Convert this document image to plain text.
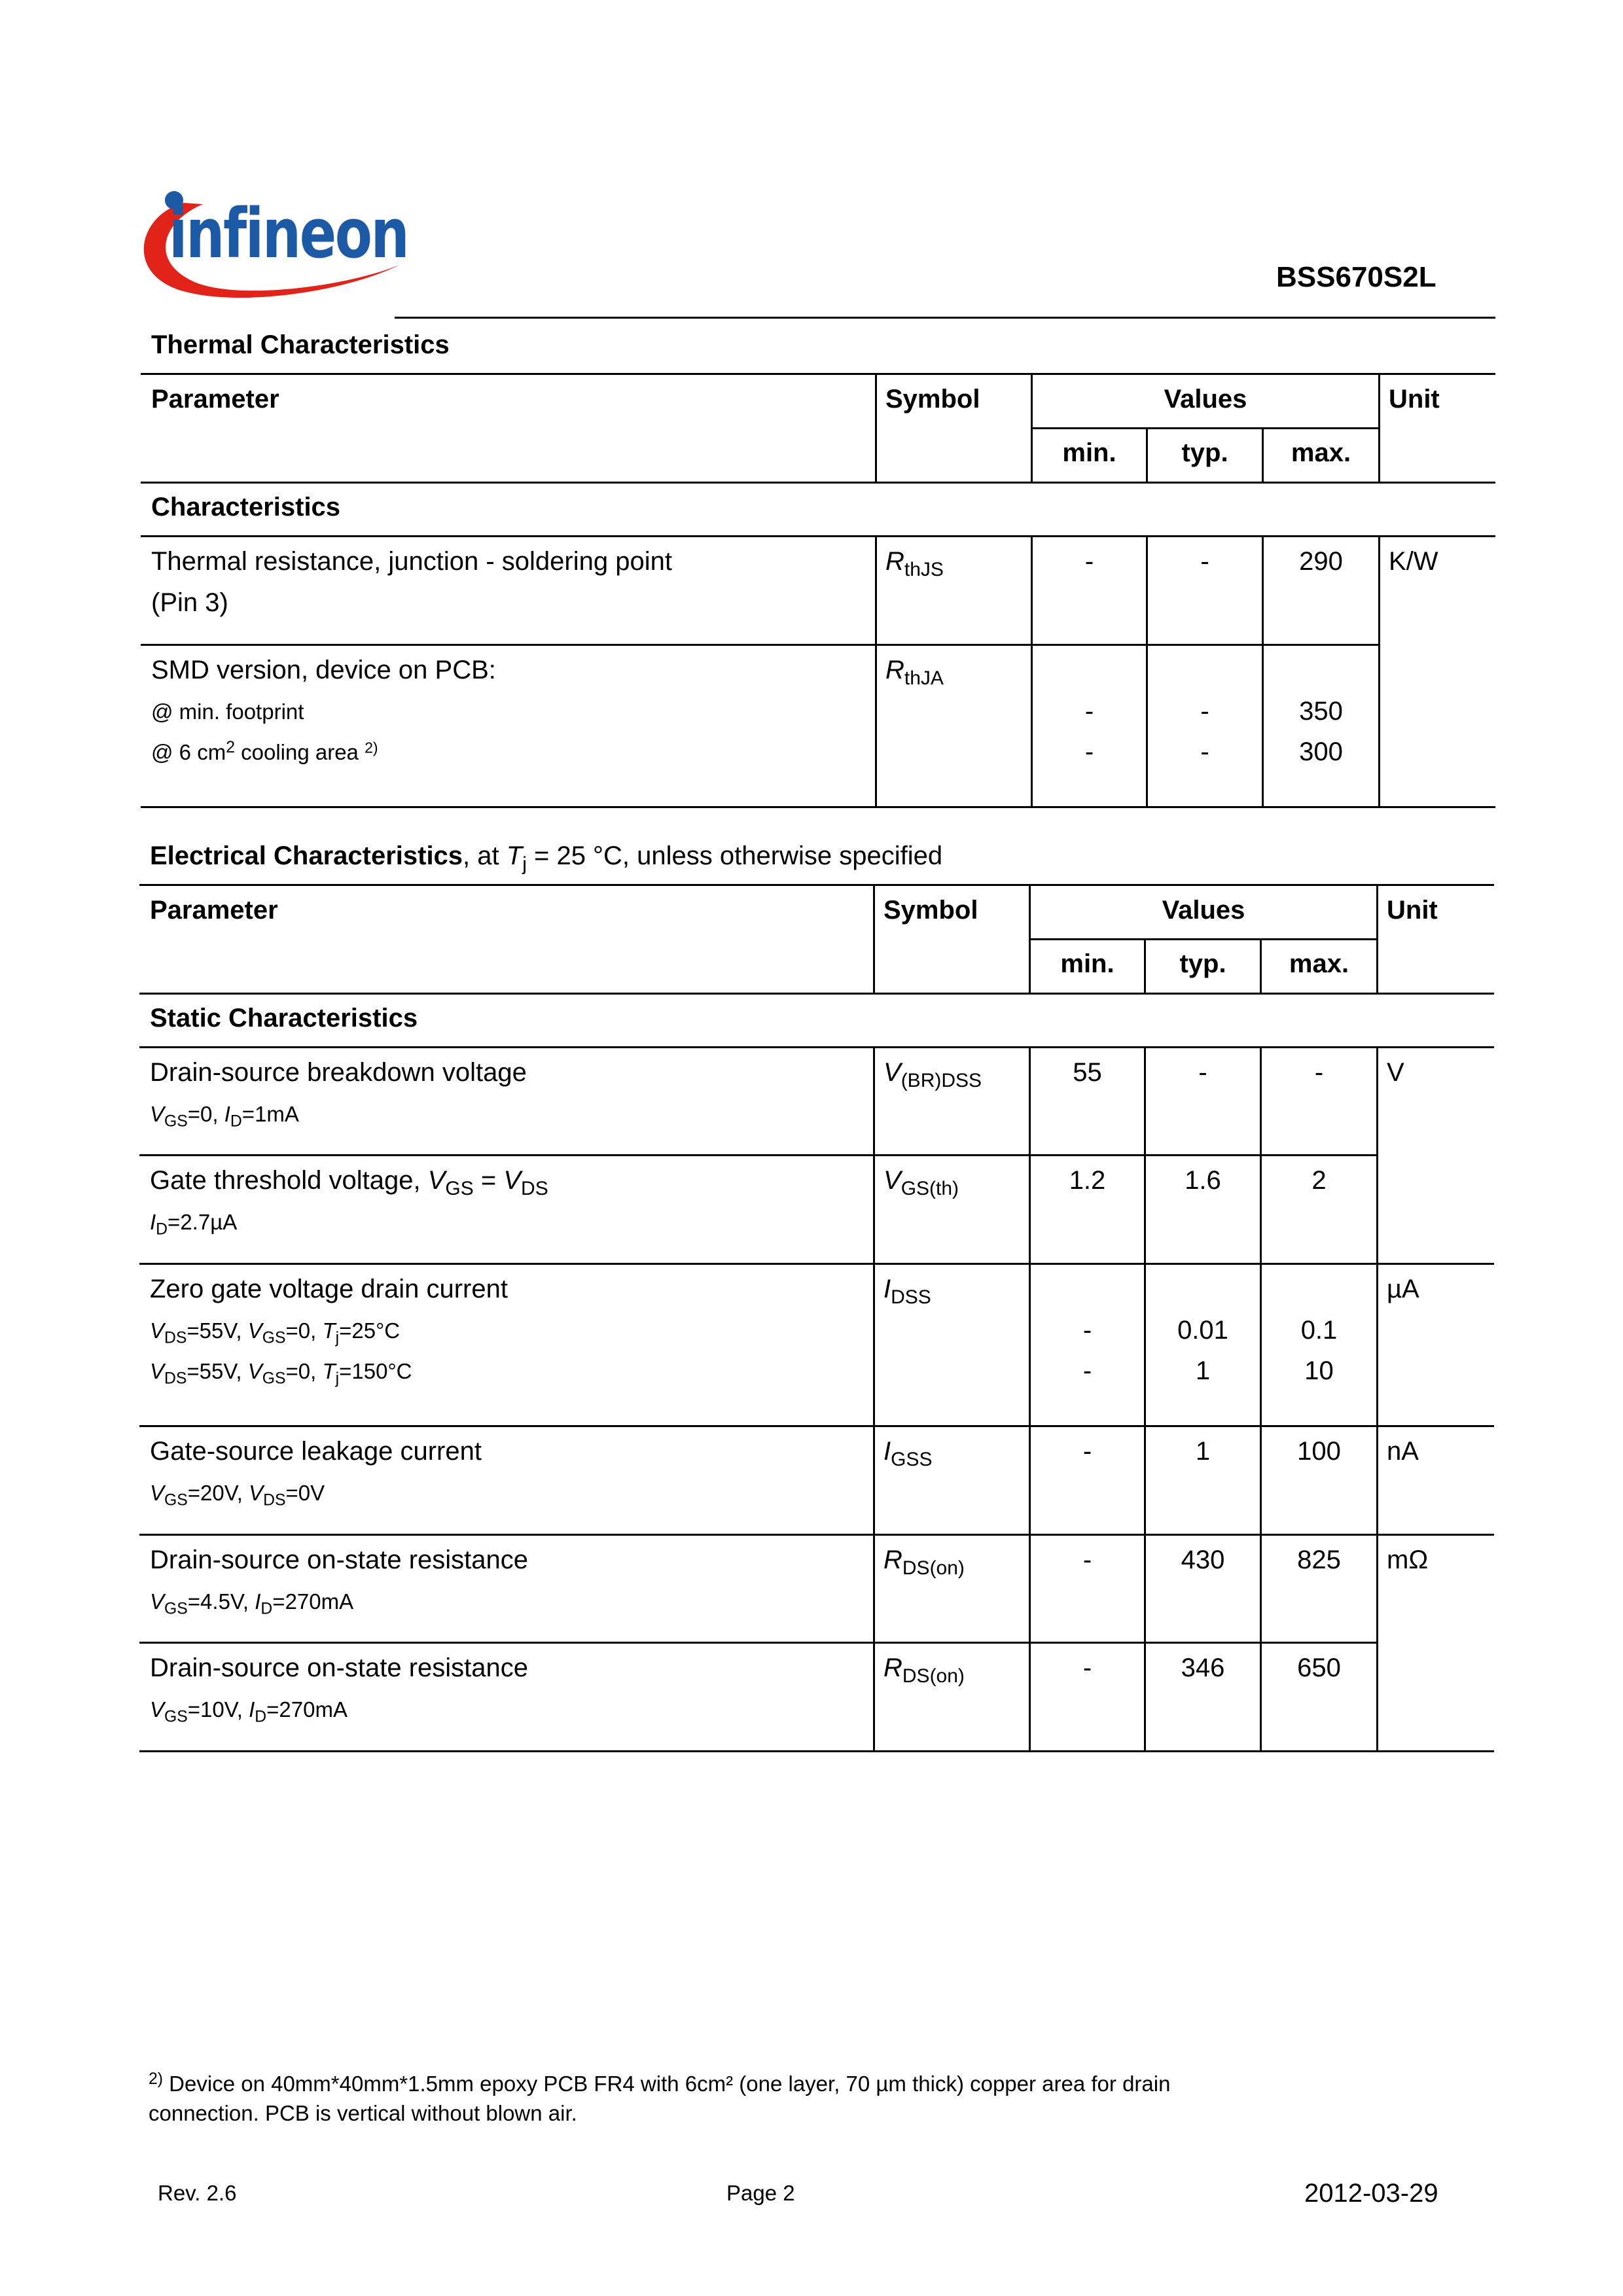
infineon
BSS670S2L
Thermal Characteristics
Parameter	Symbol	Values	Unit
min.	typ.	max.
Characteristics
Thermal resistance, junction - soldering point
(Pin 3)
$R_{thJS}$	-	-	290	K/W
SMD version, device on PCB:
@ min. footprint
@ 6 $cm^2$ cooling area $^{2)}$
$R_{thJA}$
-	-	350
-	-	300
Electrical Characteristics, at $T_j = 25$ °C, unless otherwise specified
Parameter	Symbol	Values	Unit
min.	typ.	max.
Static Characteristics
Drain-source breakdown voltage
$V_{GS}=0$, $I_D=1mA$
$V_{(BR)DSS}$	55	-	-	V
Gate threshold voltage, $V_{GS} = V_{DS}$
$I_D=2.7\mu A$
$V_{GS(th)}$	1.2	1.6	2
Zero gate voltage drain current
$V_{DS}=55V$, $V_{GS}=0$, $T_j=25^\circ C$
$V_{DS}=55V$, $V_{GS}=0$, $T_j=150^\circ C$
$I_{DSS}$
-	0.01	0.1
-	1	10
µA
Gate-source leakage current
$V_{GS}=20V$, $V_{DS}=0V$
$I_{GSS}$	-	1	100	nA
Drain-source on-state resistance
$V_{GS}=4.5V$, $I_D=270mA$
$R_{DS(on)}$	-	430	825	mΩ
Drain-source on-state resistance
$V_{GS}=10V$, $I_D=270mA$
$R_{DS(on)}$	-	346	650
$^{2)}$ Device on 40mm*40mm*1.5mm epoxy PCB FR4 with 6cm² (one layer, 70 µm thick) copper area for drain
connection. PCB is vertical without blown air.
Rev. 2.6	Page 2	2012-03-29
